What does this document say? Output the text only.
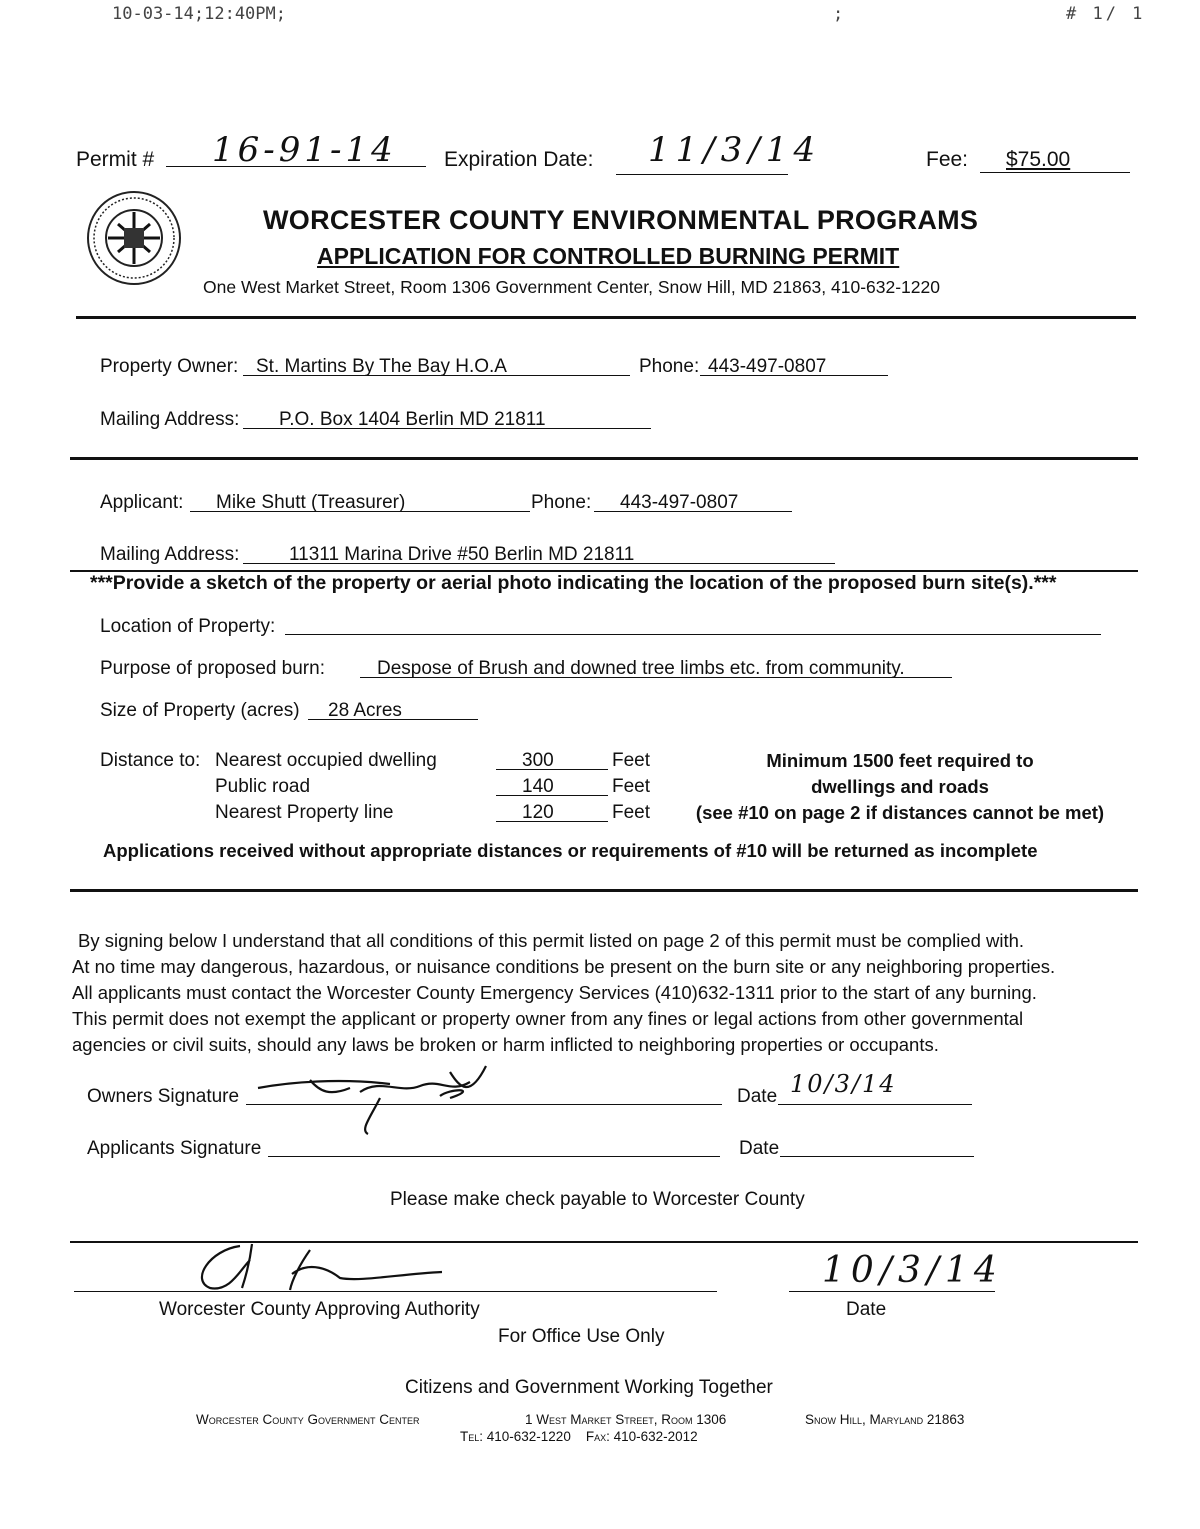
10-03-14;12:40PM;	;	# 1/ 1
Permit # 16-91-14 Expiration Date: 11/3/14	Fee: $75.00
WORCESTER COUNTY ENVIRONMENTAL PROGRAMS
APPLICATION FOR CONTROLLED BURNING PERMIT
One West Market Street, Room 1306 Government Center, Snow Hill, MD 21863, 410-632-1220
Property Owner: St. Martins By The Bay H.O.A	Phone: 443-497-0807
Mailing Address: P.O. Box 1404 Berlin MD 21811
Applicant: Mike Shutt (Treasurer)	Phone: 443-497-0807
Mailing Address:	11311 Marina Drive #50 Berlin MD 21811
***Provide a sketch of the property or aerial photo indicating the location of the proposed burn site(s).***
Location of Property:
Purpose of proposed burn:	Despose of Brush and downed tree limbs etc. from community.
Size of Property (acres) 28 Acres
Distance to: Nearest occupied dwelling	300	Feet
Public road	140	Feet
Nearest Property line	120	Feet
Minimum 1500 feet required to
dwellings and roads
(see #10 on page 2 if distances cannot be met)
Applications received without appropriate distances or requirements of #10 will be returned as incomplete
By signing below I understand that all conditions of this permit listed on page 2 of this permit must be complied with.
At no time may dangerous, hazardous, or nuisance conditions be present on the burn site or any neighboring properties.
All applicants must contact the Worcester County Emergency Services (410)632-1311 prior to the start of any burning.
This permit does not exempt the applicant or property owner from any fines or legal actions from other governmental
agencies or civil suits, should any laws be broken or harm inflicted to neighboring properties or occupants.
Owners Signature	Date 10/3/14
Applicants Signature	Date
Please make check payable to Worcester County
Worcester County Approving Authority
10/3/14
Date
For Office Use Only
Citizens and Government Working Together
Worcester County Government Center	1 West Market Street, Room 1306	Snow Hill, Maryland 21863
Tel: 410-632-1220    Fax: 410-632-2012
